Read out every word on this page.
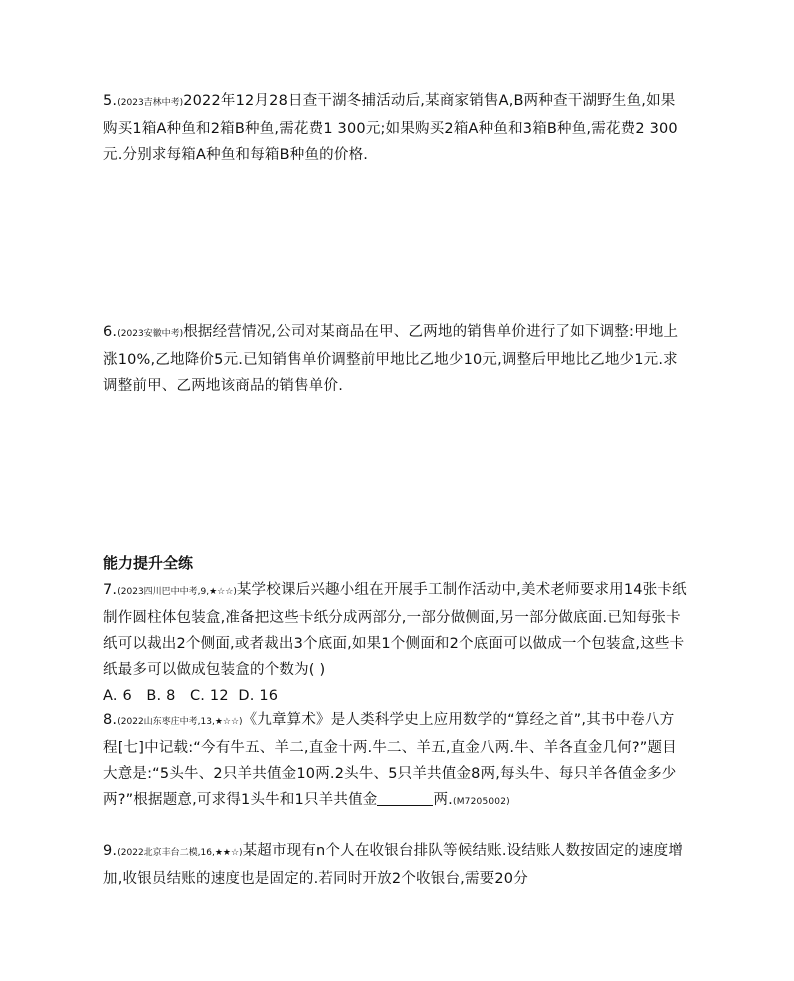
5.(2023吉林中考)2022年12月28日查干湖冬捕活动后,某商家销售A,B两种查干湖野生鱼,如果购买1箱A种鱼和2箱B种鱼,需花费1 300元;如果购买2箱A种鱼和3箱B种鱼,需花费2 300元.分别求每箱A种鱼和每箱B种鱼的价格.
6.(2023安徽中考)根据经营情况,公司对某商品在甲、乙两地的销售单价进行了如下调整:甲地上涨10%,乙地降价5元.已知销售单价调整前甲地比乙地少10元,调整后甲地比乙地少1元.求调整前甲、乙两地该商品的销售单价.
能力提升全练
7.(2023四川巴中中考,9,★☆☆)某学校课后兴趣小组在开展手工制作活动中,美术老师要求用14张卡纸制作圆柱体包装盒,准备把这些卡纸分成两部分,一部分做侧面,另一部分做底面.已知每张卡纸可以裁出2个侧面,或者裁出3个底面,如果1个侧面和2个底面可以做成一个包装盒,这些卡纸最多可以做成包装盒的个数为( )
A. 6   B. 8   C. 12  D. 16
8.(2022山东枣庄中考,13,★☆☆)《九章算术》是人类科学史上应用数学的“算经之首”,其书中卷八方程[七]中记载:“今有牛五、羊二,直金十两.牛二、羊五,直金八两.牛、羊各直金几何?”题目大意是:“5头牛、2只羊共值金10两.2头牛、5只羊共值金8两,每头牛、每只羊各值金多少两?”根据题意,可求得1头牛和1只羊共值金	两.(M7205002)
9.(2022北京丰台二模,16,★★☆)某超市现有n个人在收银台排队等候结账.设结账人数按固定的速度增加,收银员结账的速度也是固定的.若同时开放2个收银台,需要20分
